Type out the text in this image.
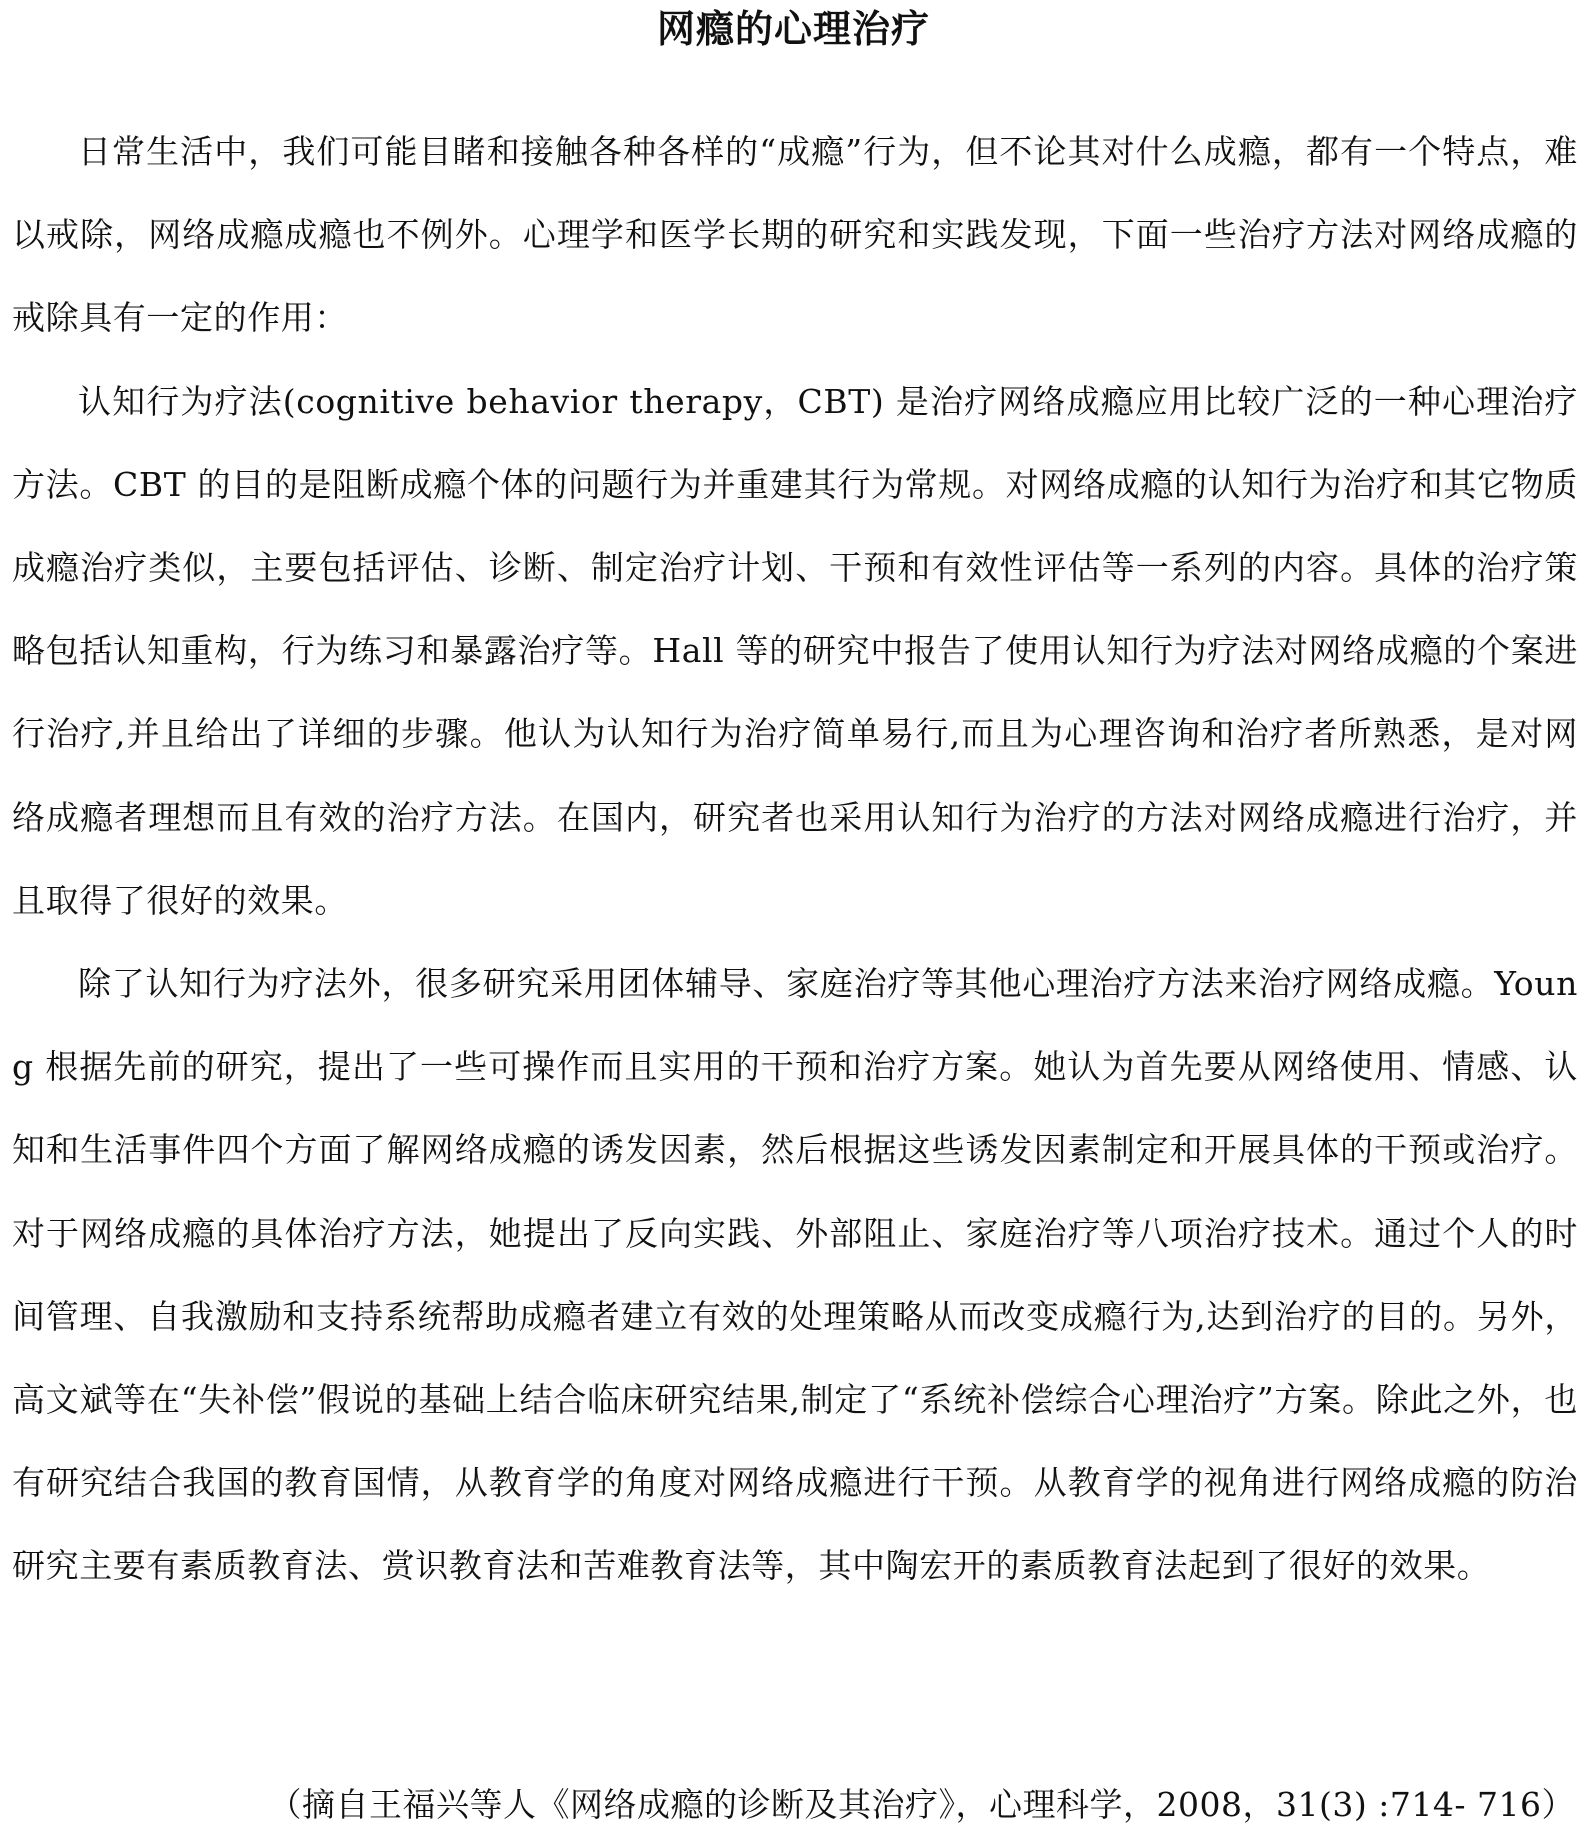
网瘾的心理治疗

日常生活中，我们可能目睹和接触各种各样的“成瘾”行为，但不论其对什么成瘾，都有一个特点，难以戒除，网络成瘾成瘾也不例外。心理学和医学长期的研究和实践发现，下面一些治疗方法对网络成瘾的戒除具有一定的作用：

认知行为疗法(cognitive behavior therapy，CBT) 是治疗网络成瘾应用比较广泛的一种心理治疗方法。CBT 的目的是阻断成瘾个体的问题行为并重建其行为常规。对网络成瘾的认知行为治疗和其它物质成瘾治疗类似，主要包括评估、诊断、制定治疗计划、干预和有效性评估等一系列的内容。具体的治疗策略包括认知重构，行为练习和暴露治疗等。Hall 等的研究中报告了使用认知行为疗法对网络成瘾的个案进行治疗,并且给出了详细的步骤。他认为认知行为治疗简单易行,而且为心理咨询和治疗者所熟悉，是对网络成瘾者理想而且有效的治疗方法。在国内，研究者也采用认知行为治疗的方法对网络成瘾进行治疗，并且取得了很好的效果。

除了认知行为疗法外，很多研究采用团体辅导、家庭治疗等其他心理治疗方法来治疗网络成瘾。Young 根据先前的研究，提出了一些可操作而且实用的干预和治疗方案。她认为首先要从网络使用、情感、认知和生活事件四个方面了解网络成瘾的诱发因素，然后根据这些诱发因素制定和开展具体的干预或治疗。对于网络成瘾的具体治疗方法，她提出了反向实践、外部阻止、家庭治疗等八项治疗技术。通过个人的时间管理、自我激励和支持系统帮助成瘾者建立有效的处理策略从而改变成瘾行为,达到治疗的目的。另外，高文斌等在“失补偿”假说的基础上结合临床研究结果,制定了“系统补偿综合心理治疗”方案。除此之外，也有研究结合我国的教育国情，从教育学的角度对网络成瘾进行干预。从教育学的视角进行网络成瘾的防治研究主要有素质教育法、赏识教育法和苦难教育法等，其中陶宏开的素质教育法起到了很好的效果。

（摘自王福兴等人《网络成瘾的诊断及其治疗》，心理科学，2008，31(3) :714- 716）
